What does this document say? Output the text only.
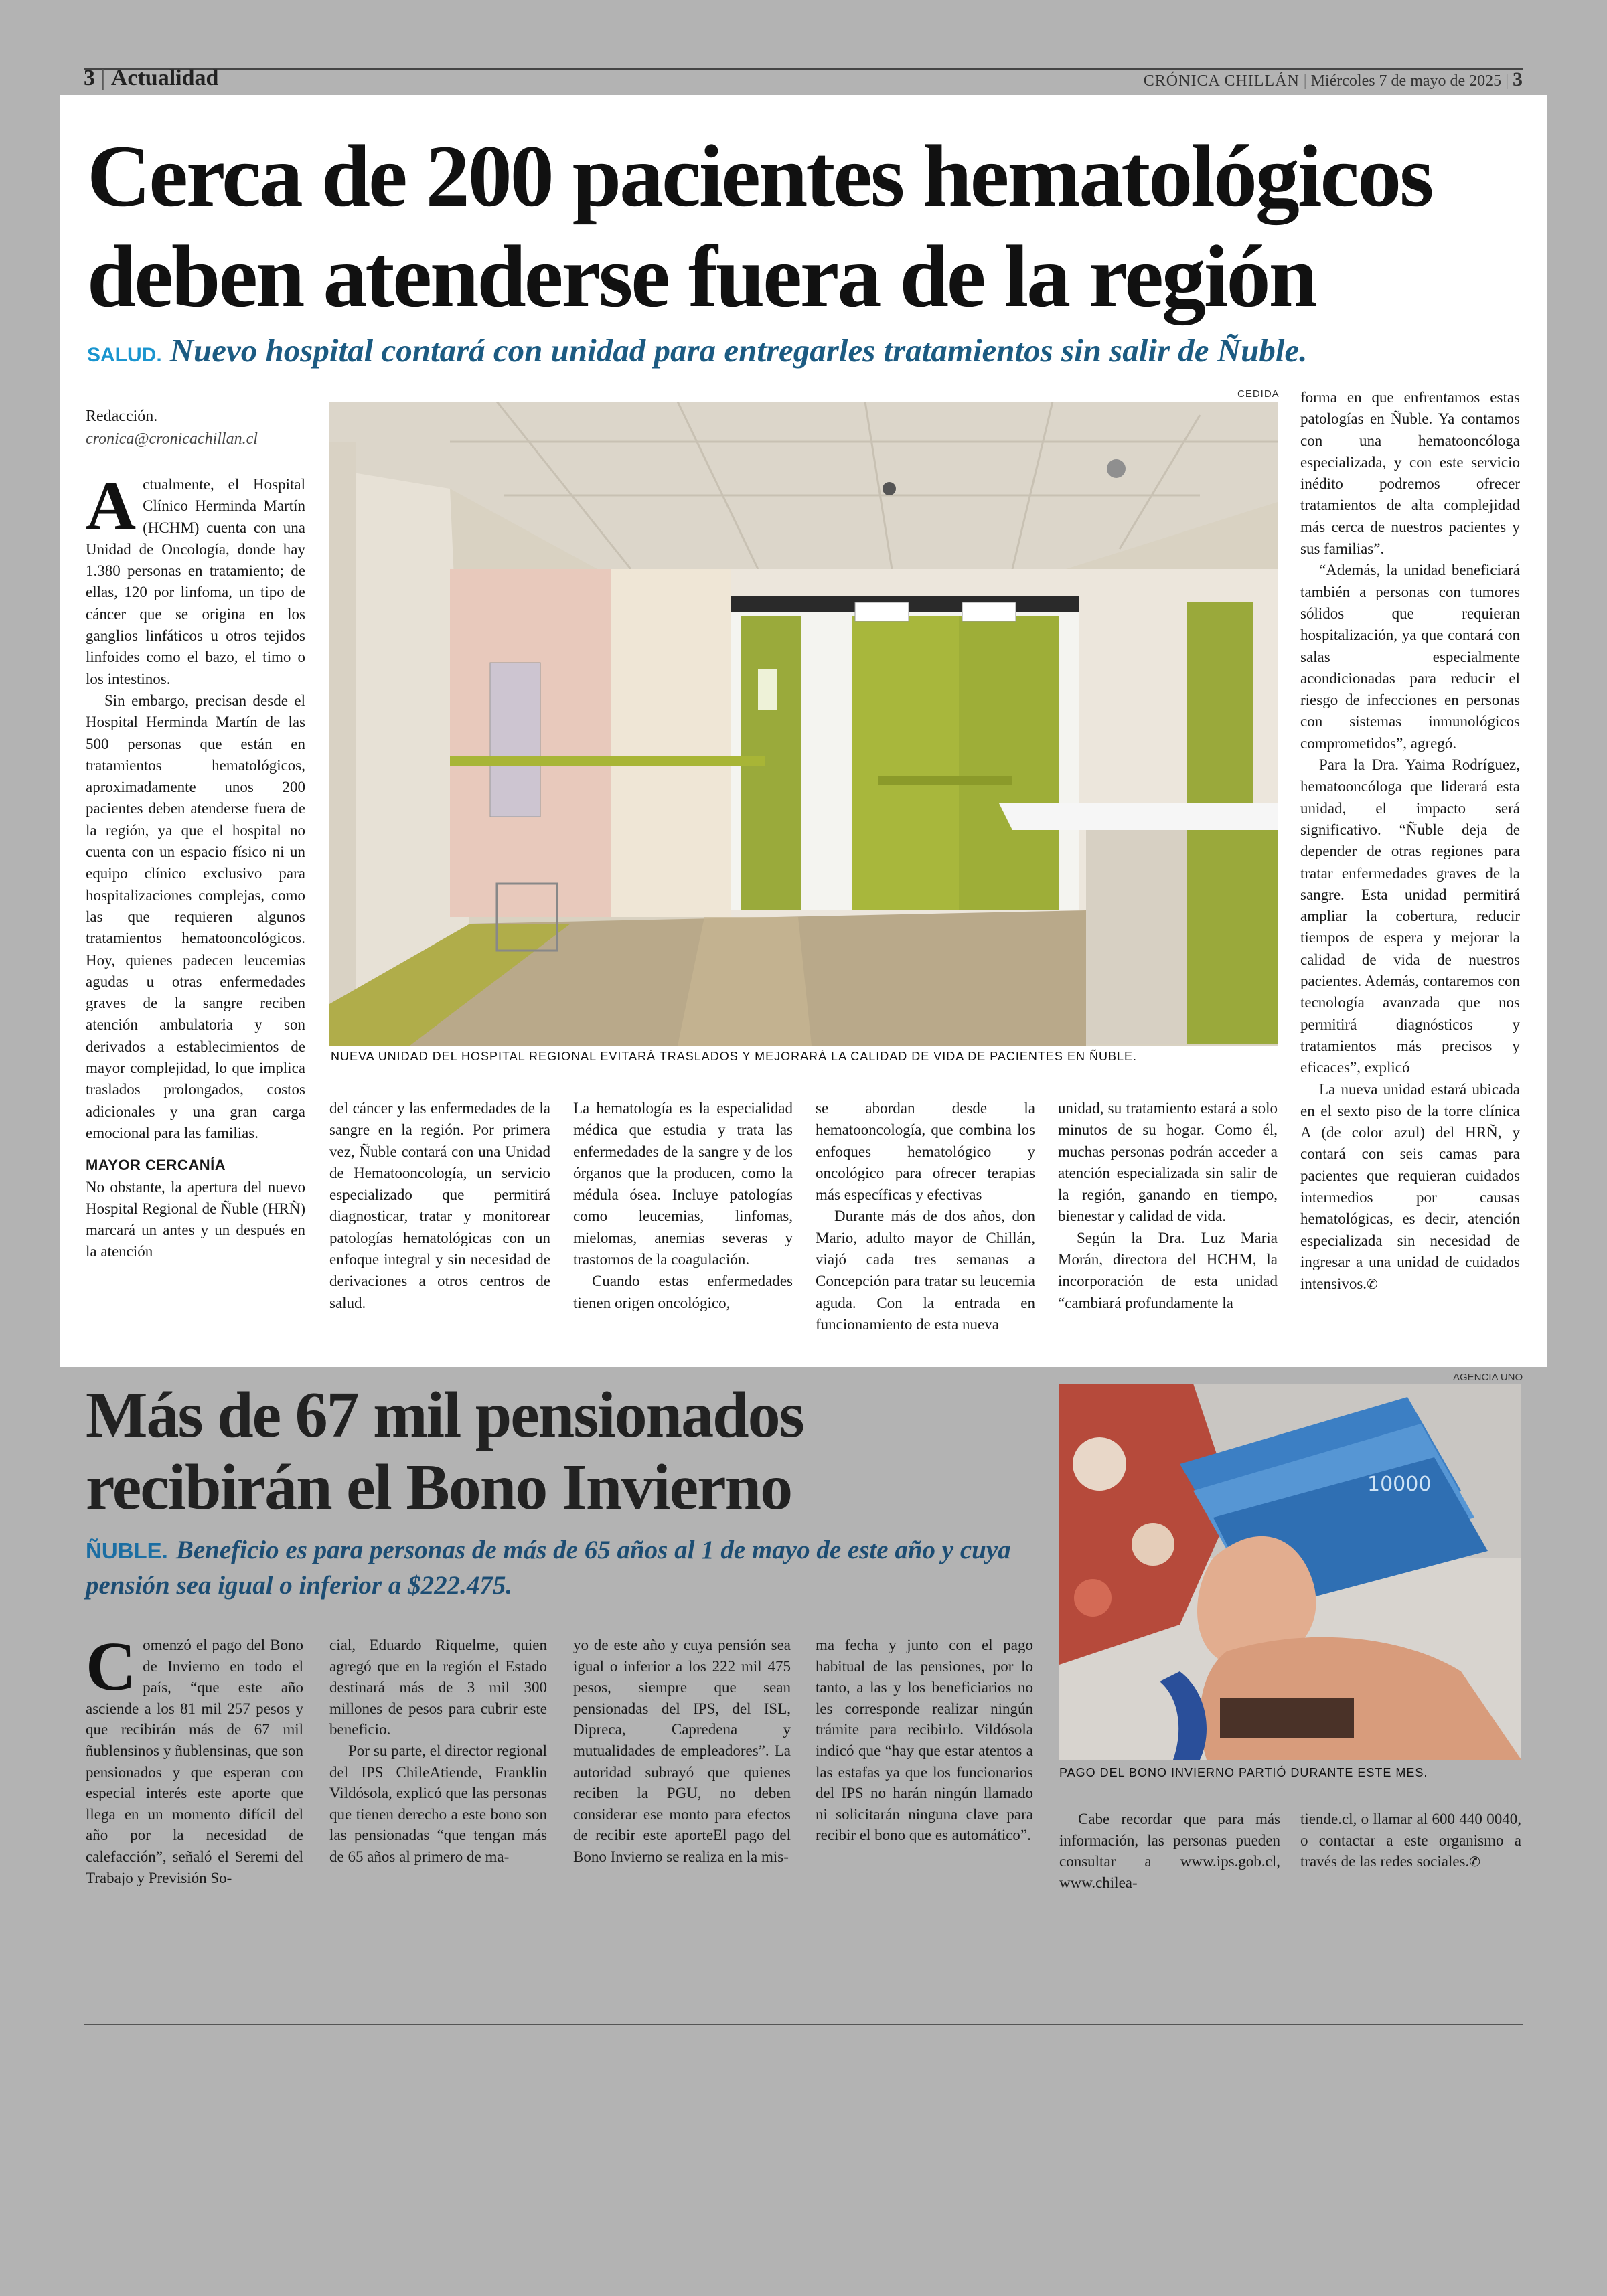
3 | Actualidad	CRÓNICA CHILLÁN | Miércoles 7 de mayo de 2025 | 3
Cerca de 200 pacientes hematológicos deben atenderse fuera de la región
SALUD. Nuevo hospital contará con unidad para entregarles tratamientos sin salir de Ñuble.
Redacción.
cronica@cronicachillan.cl

Actualmente, el Hospital Clínico Herminda Martín (HCHM) cuenta con una Unidad de Oncología, donde hay 1.380 personas en tratamiento; de ellas, 120 por linfoma, un tipo de cáncer que se origina en los ganglios linfáticos u otros tejidos linfoides como el bazo, el timo o los intestinos.

Sin embargo, precisan desde el Hospital Herminda Martín de las 500 personas que están en tratamientos hematológicos, aproximadamente unos 200 pacientes deben atenderse fuera de la región, ya que el hospital no cuenta con un espacio físico ni un equipo clínico exclusivo para hospitalizaciones complejas, como las que requieren algunos tratamientos hematooncológicos. Hoy, quienes padecen leucemias agudas u otras enfermedades graves de la sangre reciben atención ambulatoria y son derivados a establecimientos de mayor complejidad, lo que implica traslados prolongados, costos adicionales y una gran carga emocional para las familias.

MAYOR CERCANÍA

No obstante, la apertura del nuevo Hospital Regional de Ñuble (HRÑ) marcará un antes y un después en la atención

CEDIDA
NUEVA UNIDAD DEL HOSPITAL REGIONAL EVITARÁ TRASLADOS Y MEJORARÁ LA CALIDAD DE VIDA DE PACIENTES EN ÑUBLE.

del cáncer y las enfermedades de la sangre en la región. Por primera vez, Ñuble contará con una Unidad de Hematooncología, un servicio especializado que permitirá diagnosticar, tratar y monitorear patologías hematológicas con un enfoque integral y sin necesidad de derivaciones a otros centros de salud.

La hematología es la especialidad médica que estudia y trata las enfermedades de la sangre y de los órganos que la producen, como la médula ósea. Incluye patologías como leucemias, linfomas, mielomas, anemias severas y trastornos de la coagulación.

Cuando estas enfermedades tienen origen oncológico,

se abordan desde la hematooncología, que combina los enfoques hematológico y oncológico para ofrecer terapias más específicas y efectivas

Durante más de dos años, don Mario, adulto mayor de Chillán, viajó cada tres semanas a Concepción para tratar su leucemia aguda. Con la entrada en funcionamiento de esta nueva

unidad, su tratamiento estará a solo minutos de su hogar. Como él, muchas personas podrán acceder a atención especializada sin salir de la región, ganando en tiempo, bienestar y calidad de vida.

Según la Dra. Luz Maria Morán, directora del HCHM, la incorporación de esta unidad “cambiará profundamente la

forma en que enfrentamos estas patologías en Ñuble. Ya contamos con una hematooncóloga especializada, y con este servicio inédito podremos ofrecer tratamientos de alta complejidad más cerca de nuestros pacientes y sus familias”.

“Además, la unidad beneficiará también a personas con tumores sólidos que requieran hospitalización, ya que contará con salas especialmente acondicionadas para reducir el riesgo de infecciones en personas con sistemas inmunológicos comprometidos”, agregó.

Para la Dra. Yaima Rodríguez, hematooncóloga que liderará esta unidad, el impacto será significativo. “Ñuble deja de depender de otras regiones para tratar enfermedades graves de la sangre. Esta unidad permitirá ampliar la cobertura, reducir tiempos de espera y mejorar la calidad de vida de nuestros pacientes. Además, contaremos con tecnología avanzada que nos permitirá diagnósticos y tratamientos más precisos y eficaces”, explicó

La nueva unidad estará ubicada en el sexto piso de la torre clínica A (de color azul) del HRÑ, y contará con seis camas para pacientes que requieran cuidados intermedios por causas hematológicas, es decir, atención especializada sin necesidad de ingresar a una unidad de cuidados intensivos.✆

Más de 67 mil pensionados recibirán el Bono Invierno
ÑUBLE. Beneficio es para personas de más de 65 años al 1 de mayo de este año y cuya pensión sea igual o inferior a $222.475.
AGENCIA UNO
10000
PAGO DEL BONO INVIERNO PARTIÓ DURANTE ESTE MES.

Comenzó el pago del Bono de Invierno en todo el país, “que este año asciende a los 81 mil 257 pesos y que recibirán más de 67 mil ñublensinos y ñublensinas, que son pensionados y que esperan con especial interés este aporte que llega en un momento difícil del año por la necesidad de calefacción”, señaló el Seremi del Trabajo y Previsión So-

cial, Eduardo Riquelme, quien agregó que en la región el Estado destinará más de 3 mil 300 millones de pesos para cubrir este beneficio.

Por su parte, el director regional del IPS ChileAtiende, Franklin Vildósola, explicó que las personas que tienen derecho a este bono son las pensionadas “que tengan más de 65 años al primero de ma-

yo de este año y cuya pensión sea igual o inferior a los 222 mil 475 pesos, siempre que sean pensionadas del IPS, del ISL, Dipreca, Capredena y mutualidades de empleadores”. La autoridad subrayó que quienes reciben la PGU, no deben considerar ese monto para efectos de recibir este aporteEl pago del Bono Invierno se realiza en la mis-

ma fecha y junto con el pago habitual de las pensiones, por lo tanto, a las y los beneficiarios no les corresponde realizar ningún trámite para recibirlo. Vildósola indicó que “hay que estar atentos a las estafas ya que los funcionarios del IPS no harán ningún llamado ni solicitarán ninguna clave para recibir el bono que es automático”.

Cabe recordar que para más información, las personas pueden consultar a www.ips.gob.cl, www.chilea-

tiende.cl, o llamar al 600 440 0040, o contactar a este organismo a través de las redes sociales.✆
